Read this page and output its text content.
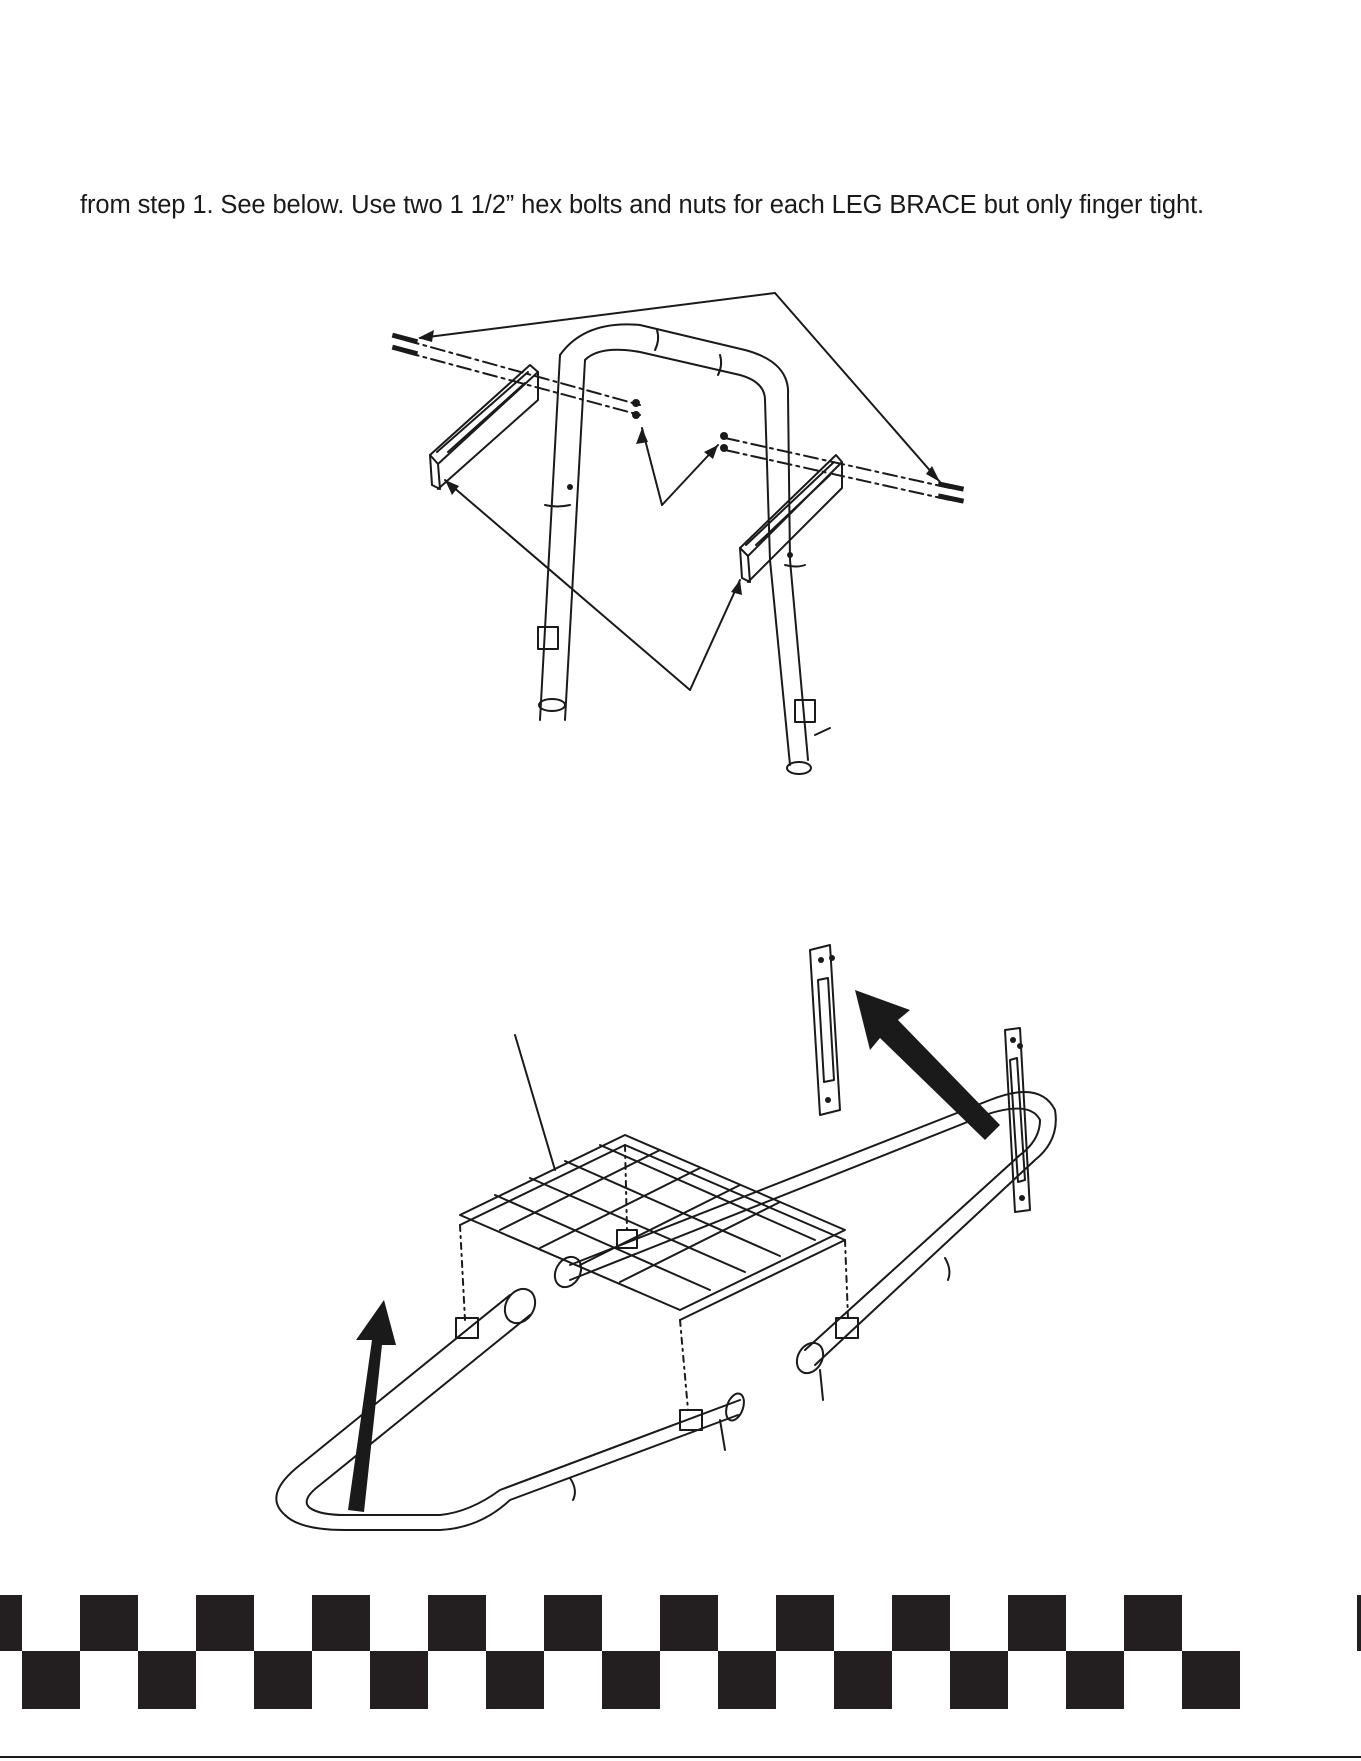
from step 1. See below. Use two 1 1/2” hex bolts and nuts for each LEG BRACE but only finger tight.
